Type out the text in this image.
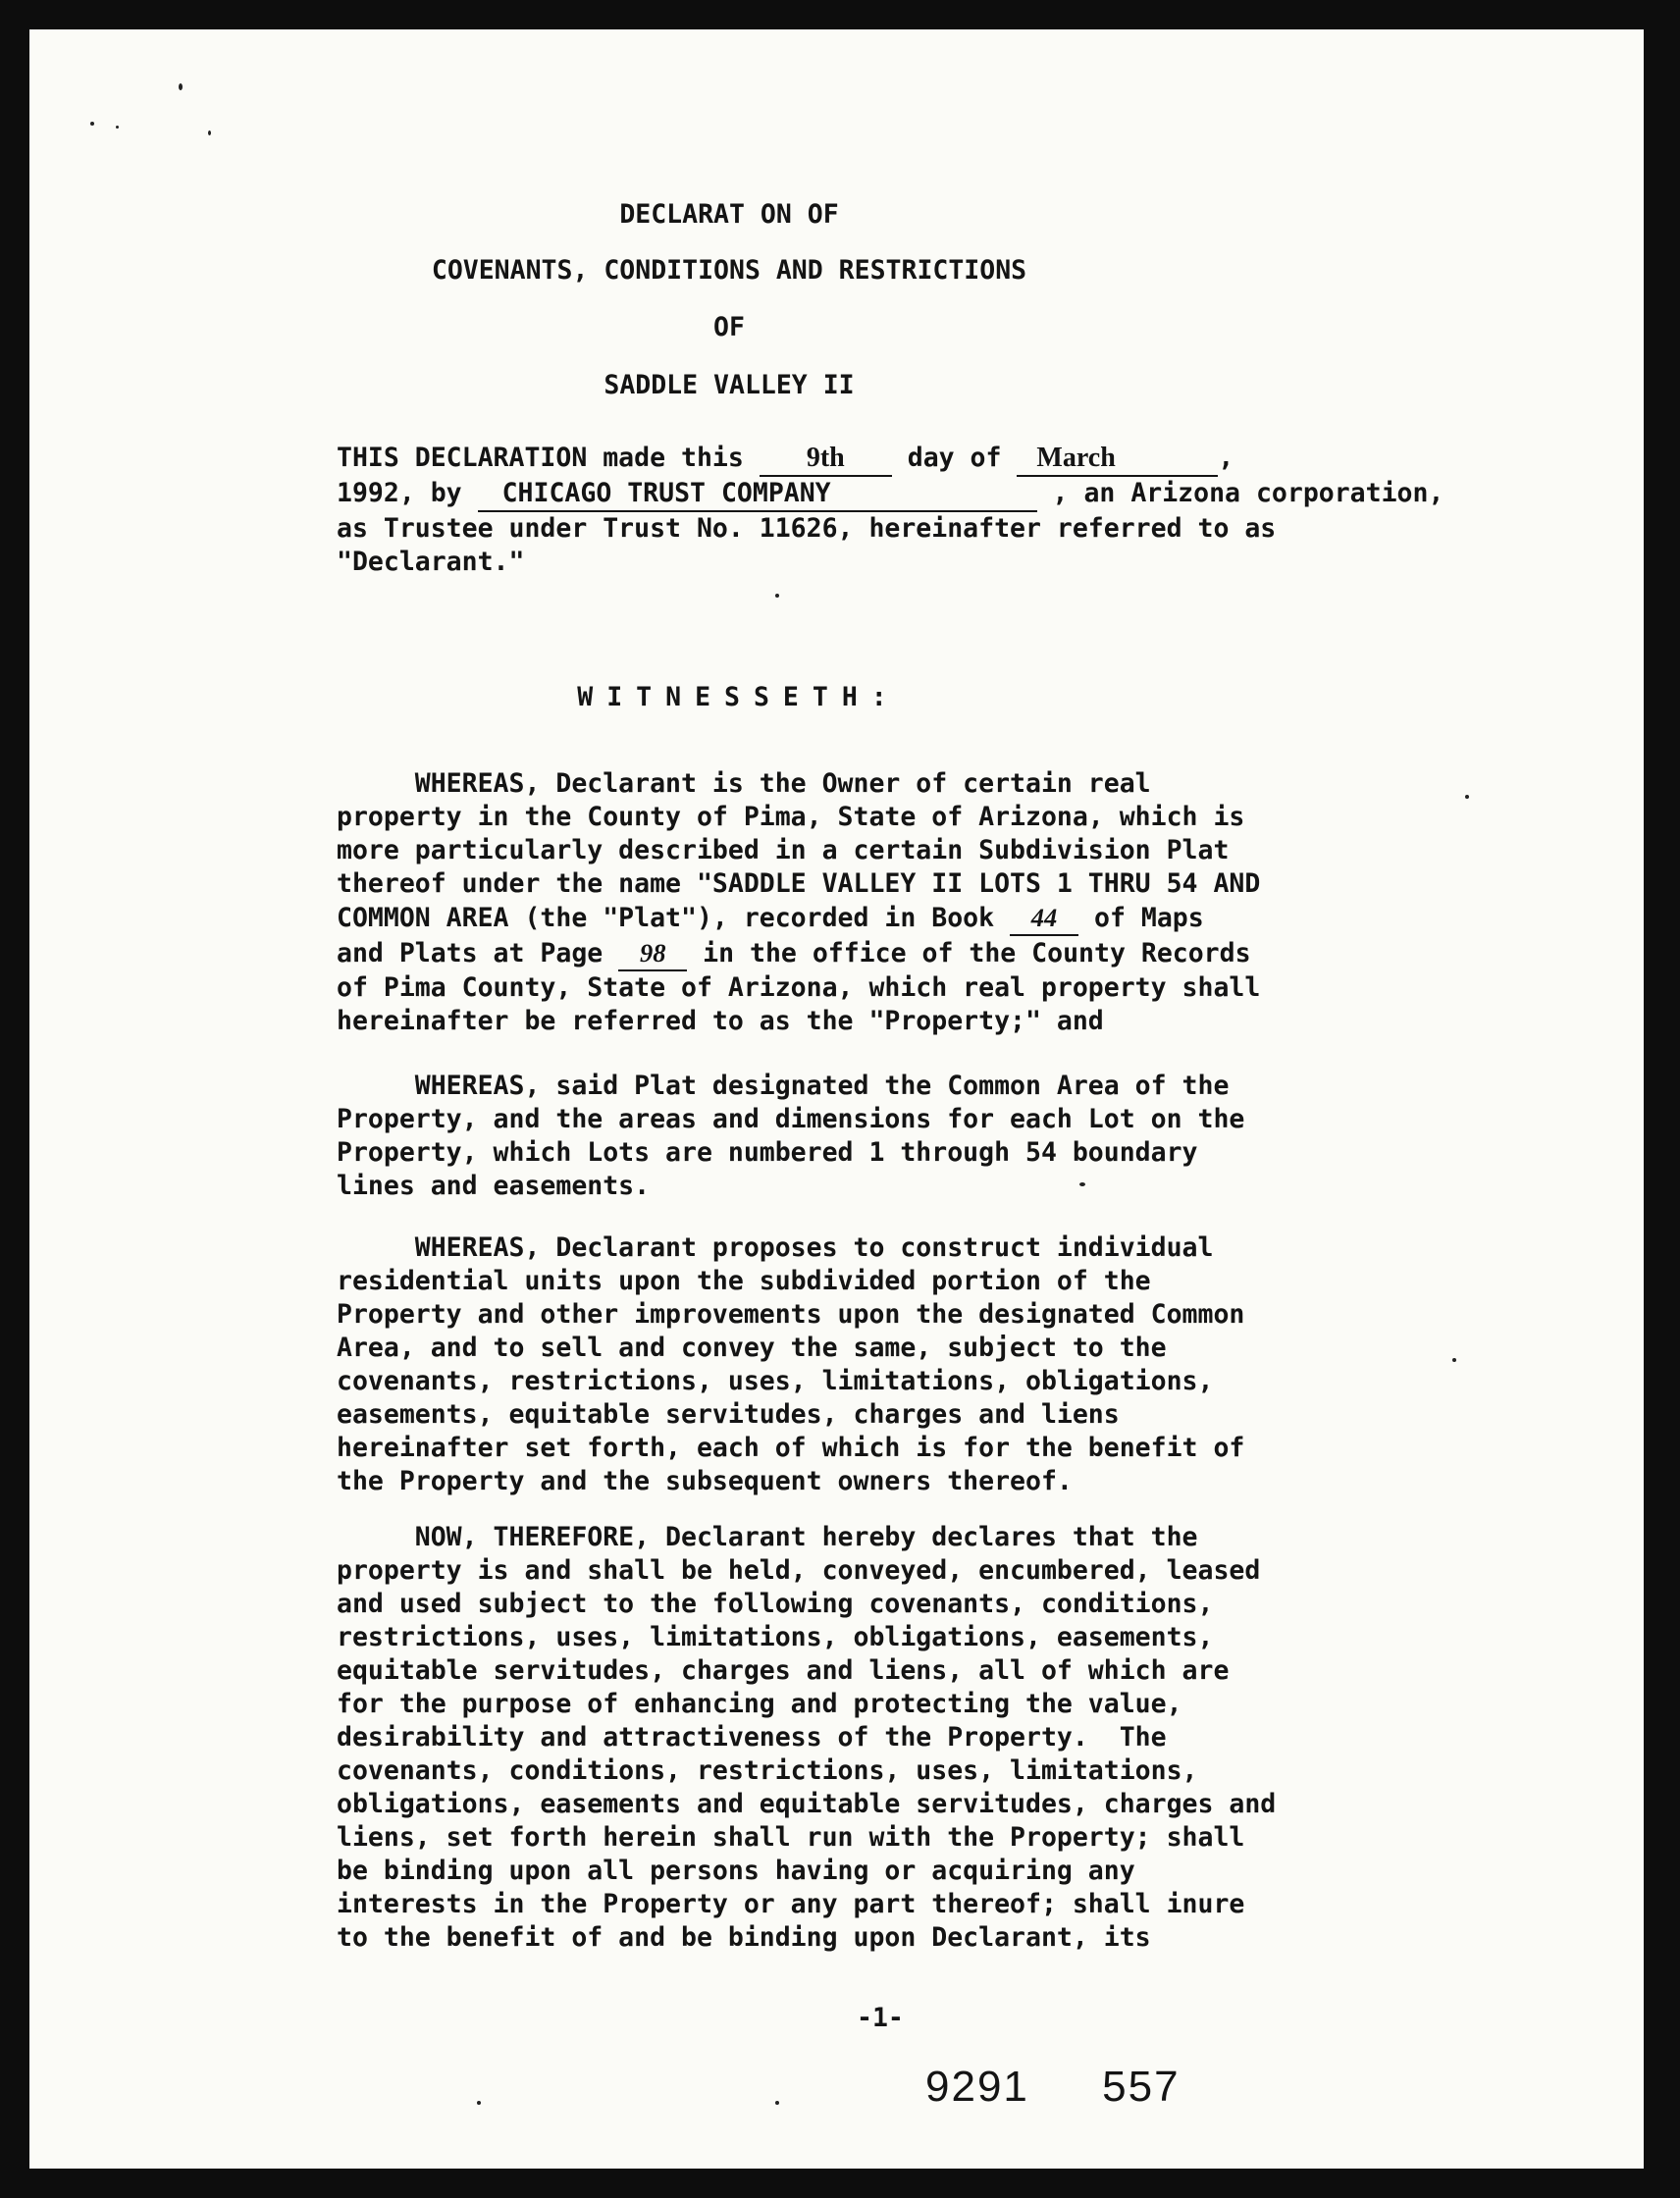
DECLARAT ON OF
COVENANTS, CONDITIONS AND RESTRICTIONS
OF
SADDLE VALLEY II

THIS DECLARATION made this 9th day of March	,

1992, by CHICAGO TRUST COMPANY	, an Arizona corporation,

as Trustee under Trust No. 11626, hereinafter referred to as

"Declarant."

WITNESSETH:

WHEREAS, Declarant is the Owner of certain real

property in the County of Pima, State of Arizona, which is

more particularly described in a certain Subdivision Plat

thereof under the name "SADDLE VALLEY II LOTS 1 THRU 54 AND

COMMON AREA (the "Plat"), recorded in Book 44 of Maps

and Plats at Page 98 in the office of the County Records

of Pima County, State of Arizona, which real property shall

hereinafter be referred to as the "Property;" and

WHEREAS, said Plat designated the Common Area of the

Property, and the areas and dimensions for each Lot on the

Property, which Lots are numbered 1 through 54 boundary

lines and easements.

WHEREAS, Declarant proposes to construct individual

residential units upon the subdivided portion of the

Property and other improvements upon the designated Common

Area, and to sell and convey the same, subject to the

covenants, restrictions, uses, limitations, obligations,

easements, equitable servitudes, charges and liens

hereinafter set forth, each of which is for the benefit of

the Property and the subsequent owners thereof.

NOW, THEREFORE, Declarant hereby declares that the

property is and shall be held, conveyed, encumbered, leased

and used subject to the following covenants, conditions,

restrictions, uses, limitations, obligations, easements,

equitable servitudes, charges and liens, all of which are

for the purpose of enhancing and protecting the value,

desirability and attractiveness of the Property.  The

covenants, conditions, restrictions, uses, limitations,

obligations, easements and equitable servitudes, charges and

liens, set forth herein shall run with the Property; shall

be binding upon all persons having or acquiring any

interests in the Property or any part thereof; shall inure

to the benefit of and be binding upon Declarant, its

-1-
9291 557
